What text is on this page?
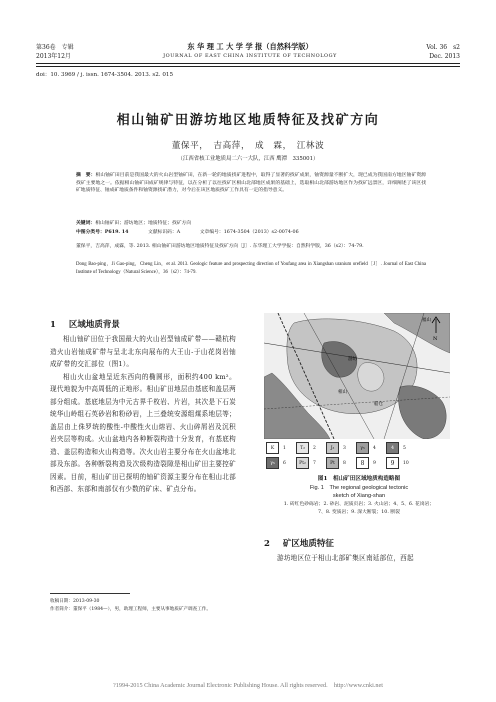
第36卷　专辑
2013年12月
东 华 理 工 大 学 学 报（自然科学版）
JOURNAL OF EAST CHINA INSTITUTE OF TECHNOLOGY
Vol. 36　s2
Dec. 2013
doi：10. 3969 / j. issn. 1674-3504. 2013. s2. 015
相山铀矿田游坊地区地质特征及找矿方向
董保平，　吉高萍，　成　霖，　江林波
（江西省核工业地质局二六一大队，江西 鹰潭　335001）
摘　要：相山铀矿田目前是我国最大的火山岩型铀矿田，在新一轮的地质找矿进程中，取得了显著的找矿成果，铀资源量不断扩大，现已成为我国南方地区铀矿资源找矿主要地之一。依据相山铀矿田成矿规律与特征，以在分析了以往找矿区相山北部地区成果的基础上，选取相山北部游坊地区作为找矿远景区，详细阐述了该区找矿地质特征、铀成矿地质条件和铀资源找矿潜力，对今后在该区地质找矿工作具有一定的指导意义。
关键词：相山铀矿田；游坊地区；地质特征；找矿方向
中图分类号：P619. 14	文献标识码：A	文章编号：1674-3504（2013）s2-0074-06
董保平，吉高萍，成霖，等. 2013. 相山铀矿田游坊地区地质特征及找矿方向［J］. 东华理工大学学报：自然科学版，36（s2）：74-79.
Dong Bao-ping，Ji Gao-ping，Cheng Lin，et al. 2013. Geologic feature and prospecting direction of Youfang area in Xiangshan uranium orefield［J］. Journal of East China Institute of Technology（Natural Science），36（s2）：74-79.
1 区域地质背景

相山铀矿田位于我国最大的火山岩型铀成矿带——赣杭构造火山岩铀成矿带与呈北北东向展布的大王山-于山花岗岩铀成矿带的交汇部位（图1）。

相山火山盆地呈近东西向的椭圆形，面积约400 km²。现代地貌为中高周低的正地形。相山矿田地层由基底和盖层两部分组成。基底地层为中元古界千枚岩、片岩，其次是下石炭统华山岭组石英砂岩和粉砂岩，上三叠统安源组煤系地层等；盖层由上侏罗统的酸性-中酸性火山熔岩、火山碎屑岩及沉积岩夹层等构成。火山盆地内各种断裂构造十分发育，有基底构造、盖层构造和火山构造等。次火山岩主要分布在火山盆地北部及东部。各种断裂构造及次级构造裂隙是相山矿田主要控矿因素。目前，相山矿田已探明的铀矿资源主要分布在相山北部和西部、东部和南部仅有少数的矿床、矿点分布。

收稿日期：2013-09-30
作者简介：董保平（1984—），男，助理工程师，主要从事地质矿产调查工作。
N
福山
游坊
船仓
相山
K	1	T₂	2	J₃	3	γ₅	4	4	5
γ₅	6	Pt₂	7	Pt	8	8	9	9	10
图1　相山矿田区域地质构造略图
Fig. 1　The regional geological tectonic
sketch of Xiang-shan
1. 砖红色砂砾岩；2. 砂岩、泥质页岩；3. 火山岩；4、5、6. 花岗岩；7、8. 变质岩；9. 深大断裂；10. 断裂
2 矿区地质特征

游坊地区位于相山北部矿集区南延部位，西起

?1994-2015 China Academic Journal Electronic Publishing House. All rights reserved.　http://www.cnki.net
